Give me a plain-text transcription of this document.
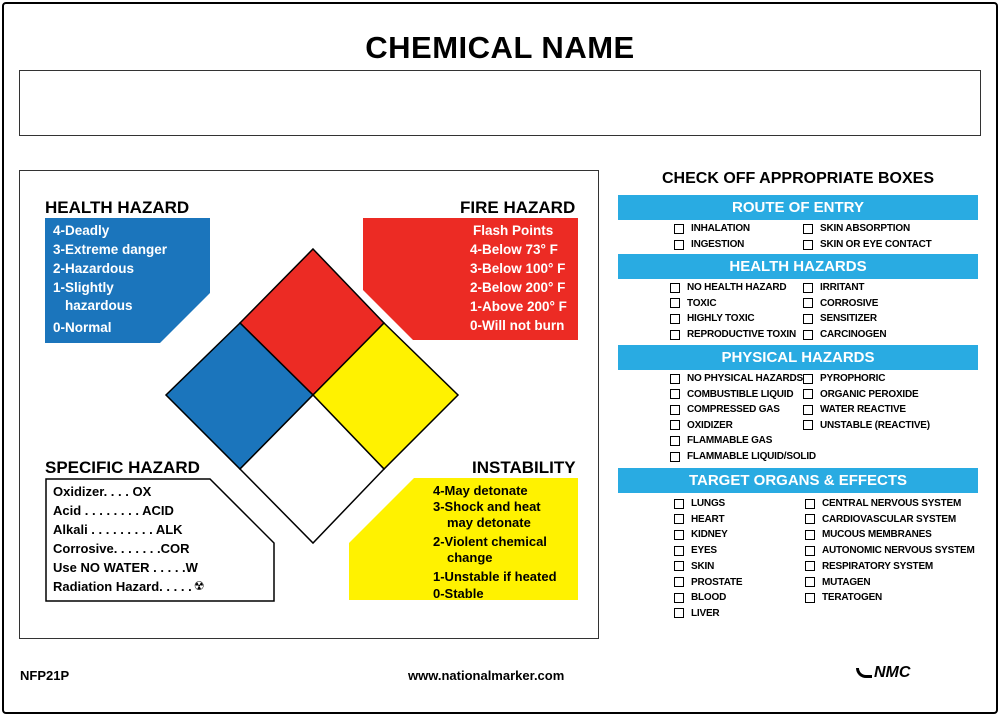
CHEMICAL NAME
HEALTH HAZARD
4-Deadly
3-Extreme danger
2-Hazardous
1-Slightly
hazardous
0-Normal
FIRE HAZARD
Flash Points
4-Below 73° F
3-Below 100° F
2-Below 200° F
1-Above 200° F
0-Will not burn
SPECIFIC HAZARD
Oxidizer. . . . OX
Acid . . . . . . . . ACID
Alkali . . . . . . . . . ALK
Corrosive. . . . . . .COR
Use NO WATER . . . . .W
Radiation Hazard. . . . . ☢
INSTABILITY
4-May detonate
3-Shock and heat
may detonate
2-Violent chemical
change
1-Unstable if heated
0-Stable
CHECK OFF APPROPRIATE BOXES
ROUTE OF ENTRY
INHALATION
INGESTION
SKIN ABSORPTION
SKIN OR EYE CONTACT
HEALTH HAZARDS
NO HEALTH HAZARD
TOXIC
HIGHLY TOXIC
REPRODUCTIVE TOXIN
IRRITANT
CORROSIVE
SENSITIZER
CARCINOGEN
PHYSICAL HAZARDS
NO PHYSICAL HAZARDS
COMBUSTIBLE LIQUID
COMPRESSED GAS
OXIDIZER
FLAMMABLE GAS
FLAMMABLE LIQUID/SOLID
PYROPHORIC
ORGANIC PEROXIDE
WATER REACTIVE
UNSTABLE (REACTIVE)
TARGET ORGANS & EFFECTS
LUNGS
HEART
KIDNEY
EYES
SKIN
PROSTATE
BLOOD
LIVER
CENTRAL NERVOUS SYSTEM
CARDIOVASCULAR SYSTEM
MUCOUS MEMBRANES
AUTONOMIC NERVOUS SYSTEM
RESPIRATORY SYSTEM
MUTAGEN
TERATOGEN
NFP21P	www.nationalmarker.com	NMC
